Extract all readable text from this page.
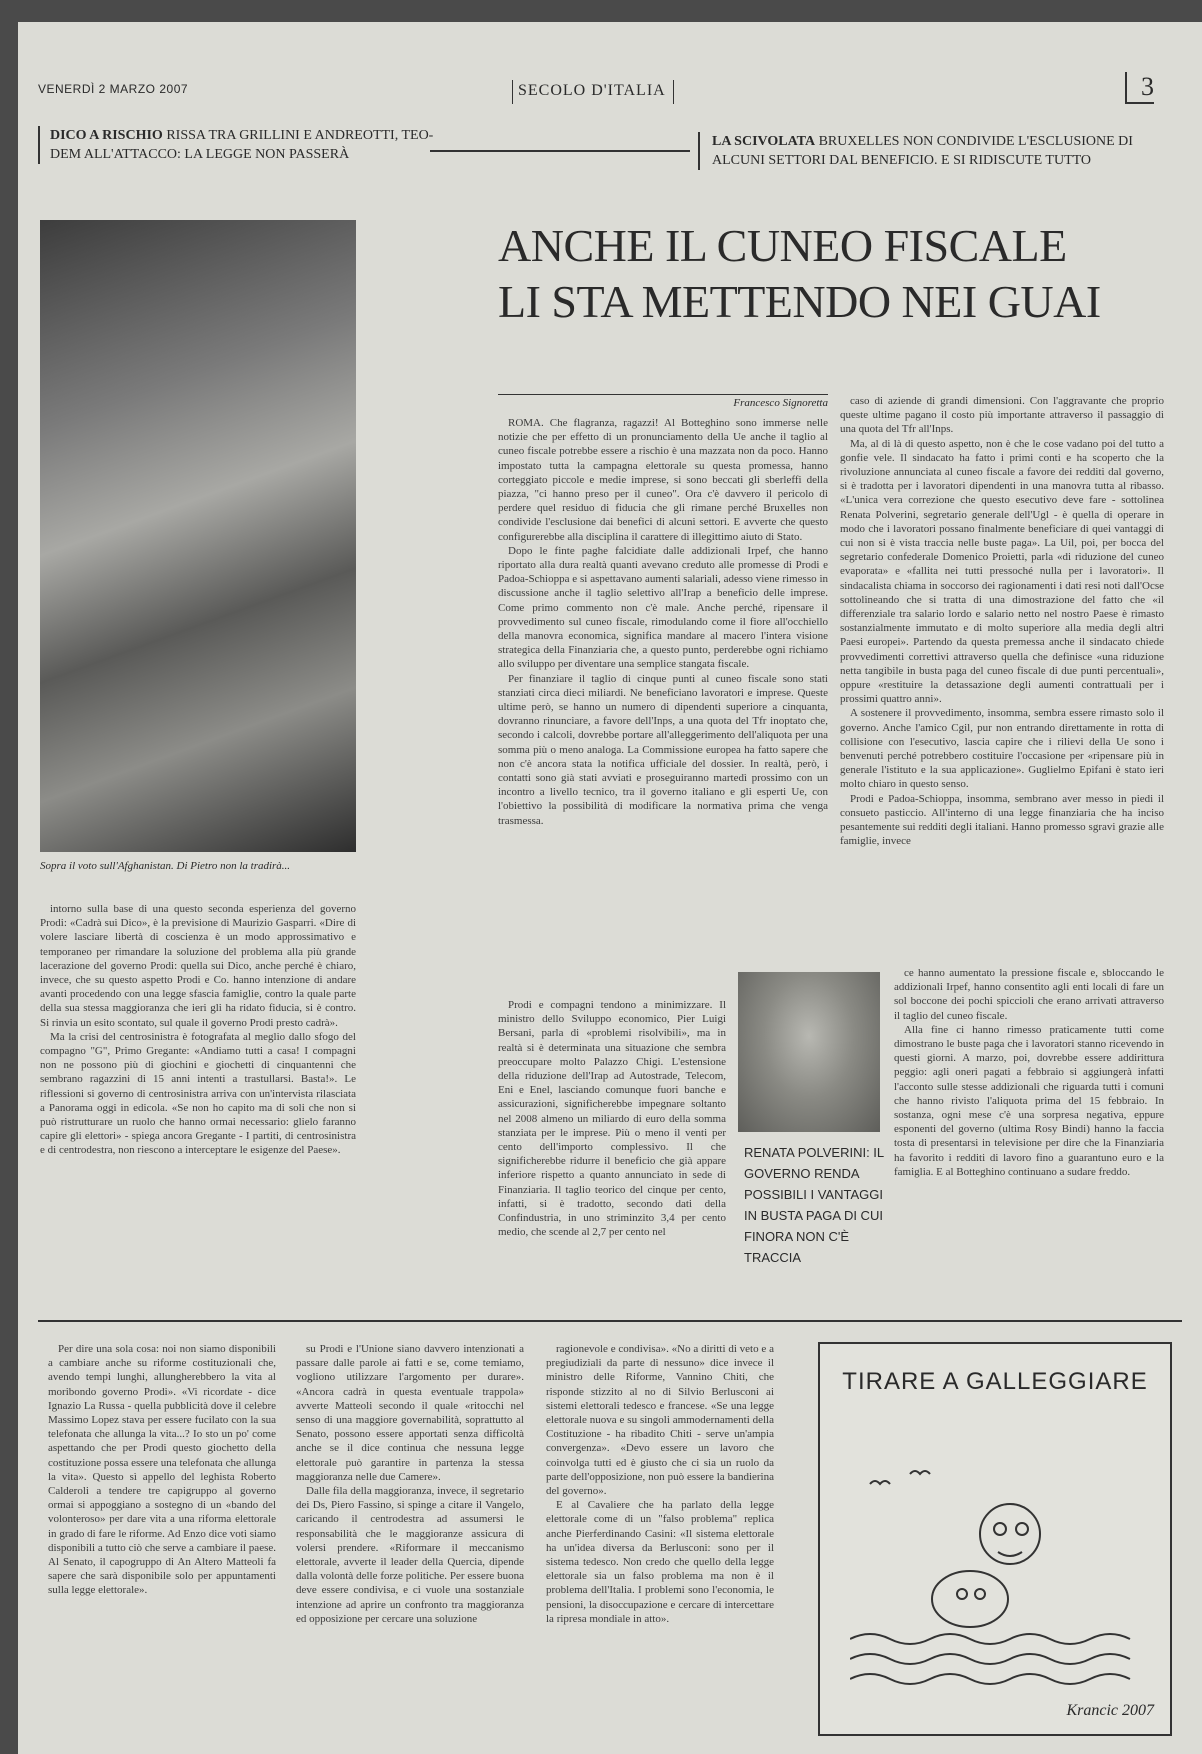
VENERDÌ 2 MARZO 2007	SECOLO D'ITALIA	3
DICO A RISCHIO RISSA TRA GRILLINI E ANDREOTTI, TEO-DEM ALL'ATTACCO: LA LEGGE NON PASSERÀ
LA SCIVOLATA BRUXELLES NON CONDIVIDE L'ESCLUSIONE DI ALCUNI SETTORI DAL BENEFICIO. E SI RIDISCUTE TUTTO
ANCHE IL CUNEO FISCALE
LI STA METTENDO NEI GUAI
Sopra il voto sull'Afghanistan. Di Pietro non la tradirà...
Francesco Signoretta

ROMA. Che flagranza, ragazzi! Al Botteghino sono immerse nelle notizie che per effetto di un pronunciamento della Ue anche il taglio al cuneo fiscale potrebbe essere a rischio è una mazzata non da poco. Hanno impostato tutta la campagna elettorale su questa promessa, hanno corteggiato piccole e medie imprese, si sono beccati gli sberleffi della piazza, "ci hanno preso per il cuneo". Ora c'è davvero il pericolo di perdere quel residuo di fiducia che gli rimane perché Bruxelles non condivide l'esclusione dai benefici di alcuni settori. E avverte che questo configurerebbe alla disciplina il carattere di illegittimo aiuto di Stato.

Dopo le finte paghe falcidiate dalle addizionali Irpef, che hanno riportato alla dura realtà quanti avevano creduto alle promesse di Prodi e Padoa-Schioppa e si aspettavano aumenti salariali, adesso viene rimesso in discussione anche il taglio selettivo all'Irap a beneficio delle imprese. Come primo commento non c'è male. Anche perché, ripensare il provvedimento sul cuneo fiscale, rimodulando come il fiore all'occhiello della manovra economica, significa mandare al macero l'intera visione strategica della Finanziaria che, a questo punto, perderebbe ogni richiamo allo sviluppo per diventare una semplice stangata fiscale.

Per finanziare il taglio di cinque punti al cuneo fiscale sono stati stanziati circa dieci miliardi. Ne beneficiano lavoratori e imprese. Queste ultime però, se hanno un numero di dipendenti superiore a cinquanta, dovranno rinunciare, a favore dell'Inps, a una quota del Tfr inoptato che, secondo i calcoli, dovrebbe portare all'alleggerimento dell'aliquota per una somma più o meno analoga. La Commissione europea ha fatto sapere che non c'è ancora stata la notifica ufficiale del dossier. In realtà, però, i contatti sono già stati avviati e proseguiranno martedì prossimo con un incontro a livello tecnico, tra il governo italiano e gli esperti Ue, con l'obiettivo la possibilità di modificare la normativa prima che venga trasmessa.

Prodi e compagni tendono a minimizzare. Il ministro dello Sviluppo economico, Pier Luigi Bersani, parla di «problemi risolvibili», ma in realtà si è determinata una situazione che sembra preoccupare molto Palazzo Chigi. L'estensione della riduzione dell'Irap ad Autostrade, Telecom, Eni e Enel, lasciando comunque fuori banche e assicurazioni, significherebbe impegnare soltanto nel 2008 almeno un miliardo di euro della somma stanziata per le imprese. Più o meno il venti per cento dell'importo complessivo. Il che significherebbe ridurre il beneficio che già appare inferiore rispetto a quanto annunciato in sede di Finanziaria. Il taglio teorico del cinque per cento, infatti, si è tradotto, secondo dati della Confindustria, in uno striminzito 3,4 per cento medio, che scende al 2,7 per cento nel

caso di aziende di grandi dimensioni. Con l'aggravante che proprio queste ultime pagano il costo più importante attraverso il passaggio di una quota del Tfr all'Inps.

Ma, al di là di questo aspetto, non è che le cose vadano poi del tutto a gonfie vele. Il sindacato ha fatto i primi conti e ha scoperto che la rivoluzione annunciata al cuneo fiscale a favore dei redditi dal governo, si è tradotta per i lavoratori dipendenti in una manovra tutta al ribasso. «L'unica vera correzione che questo esecutivo deve fare - sottolinea Renata Polverini, segretario generale dell'Ugl - è quella di operare in modo che i lavoratori possano finalmente beneficiare di quei vantaggi di cui non si è vista traccia nelle buste paga». La Uil, poi, per bocca del segretario confederale Domenico Proietti, parla «di riduzione del cuneo evaporata» e «fallita nei tutti pressoché nulla per i lavoratori». Il sindacalista chiama in soccorso dei ragionamenti i dati resi noti dall'Ocse sottolineando che si tratta di una dimostrazione del fatto che «il differenziale tra salario lordo e salario netto nel nostro Paese è rimasto sostanzialmente immutato e di molto superiore alla media degli altri Paesi europei». Partendo da questa premessa anche il sindacato chiede provvedimenti correttivi attraverso quella che definisce «una riduzione netta tangibile in busta paga del cuneo fiscale di due punti percentuali», oppure «restituire la detassazione degli aumenti contrattuali per i prossimi quattro anni».

A sostenere il provvedimento, insomma, sembra essere rimasto solo il governo. Anche l'amico Cgil, pur non entrando direttamente in rotta di collisione con l'esecutivo, lascia capire che i rilievi della Ue sono i benvenuti perché potrebbero costituire l'occasione per «ripensare più in generale l'istituto e la sua applicazione». Guglielmo Epifani è stato ieri molto chiaro in questo senso.

Prodi e Padoa-Schioppa, insomma, sembrano aver messo in piedi il consueto pasticcio. All'interno di una legge finanziaria che ha inciso pesantemente sui redditi degli italiani. Hanno promesso sgravi grazie alle famiglie, invece

RENATA POLVERINI: IL GOVERNO RENDA POSSIBILI I VANTAGGI IN BUSTA PAGA DI CUI FINORA NON C'È TRACCIA

ce hanno aumentato la pressione fiscale e, sbloccando le addizionali Irpef, hanno consentito agli enti locali di fare un sol boccone dei pochi spiccioli che erano arrivati attraverso il taglio del cuneo fiscale.

Alla fine ci hanno rimesso praticamente tutti come dimostrano le buste paga che i lavoratori stanno ricevendo in questi giorni. A marzo, poi, dovrebbe essere addirittura peggio: agli oneri pagati a febbraio si aggiungerà infatti l'acconto sulle stesse addizionali che riguarda tutti i comuni che hanno rivisto l'aliquota prima del 15 febbraio. In sostanza, ogni mese c'è una sorpresa negativa, eppure esponenti del governo (ultima Rosy Bindi) hanno la faccia tosta di presentarsi in televisione per dire che la Finanziaria ha favorito i redditi di lavoro fino a guarantuno euro e la famiglia. E al Botteghino continuano a sudare freddo.

intorno sulla base di una questo seconda esperienza del governo Prodi: «Cadrà sui Dico», è la previsione di Maurizio Gasparri. «Dire di volere lasciare libertà di coscienza è un modo approssimativo e temporaneo per rimandare la soluzione del problema alla più grande lacerazione del governo Prodi: quella sui Dico, anche perché è chiaro, invece, che su questo aspetto Prodi e Co. hanno intenzione di andare avanti procedendo con una legge sfascia famiglie, contro la quale parte della sua stessa maggioranza che ieri gli ha ridato fiducia, si è contro. Si rinvia un esito scontato, sul quale il governo Prodi presto cadrà».

Ma la crisi del centrosinistra è fotografata al meglio dallo sfogo del compagno "G", Primo Gregante: «Andiamo tutti a casa! I compagni non ne possono più di giochini e giochetti di cinquantenni che sembrano ragazzini di 15 anni intenti a trastullarsi. Basta!». Le riflessioni si governo di centrosinistra arriva con un'intervista rilasciata a Panorama oggi in edicola. «Se non ho capito ma di soli che non si può ristrutturare un ruolo che hanno ormai necessario: glielo faranno capire gli elettori» - spiega ancora Gregante - I partiti, di centrosinistra e di centrodestra, non riescono a interceptare le esigenze del Paese».

Per dire una sola cosa: noi non siamo disponibili a cambiare anche su riforme costituzionali che, avendo tempi lunghi, allungherebbero la vita al moribondo governo Prodi». «Vi ricordate - dice Ignazio La Russa - quella pubblicità dove il celebre Massimo Lopez stava per essere fucilato con la sua telefonata che allunga la vita...? Io sto un po' come aspettando che per Prodi questo giochetto della costituzione possa essere una telefonata che allunga la vita». Questo sì appello del leghista Roberto Calderoli a tendere tre capigruppo al governo ormai si appoggiano a sostegno di un «bando del volonteroso» per dare vita a una riforma elettorale in grado di fare le riforme. Ad Enzo dice voti siamo disponibili a tutto ciò che serve a cambiare il paese. Al Senato, il capogruppo di An Altero Matteoli fa sapere che sarà disponibile solo per appuntamenti sulla legge elettorale».

su Prodi e l'Unione siano davvero intenzionati a passare dalle parole ai fatti e se, come temiamo, vogliono utilizzare l'argomento per durare». «Ancora cadrà in questa eventuale trappola» avverte Matteoli secondo il quale «ritocchi nel senso di una maggiore governabilità, soprattutto al Senato, possono essere apportati senza difficoltà anche se il dice continua che nessuna legge elettorale può garantire in partenza la stessa maggioranza nelle due Camere».

Dalle fila della maggioranza, invece, il segretario dei Ds, Piero Fassino, si spinge a citare il Vangelo, caricando il centrodestra ad assumersi le responsabilità che le maggioranze assicura di volersi prendere. «Riformare il meccanismo elettorale, avverte il leader della Quercia, dipende dalla volontà delle forze politiche. Per essere buona deve essere condivisa, e ci vuole una sostanziale intenzione ad aprire un confronto tra maggioranza ed opposizione per cercare una soluzione

ragionevole e condivisa». «No a diritti di veto e a pregiudiziali da parte di nessuno» dice invece il ministro delle Riforme, Vannino Chiti, che risponde stizzito al no di Silvio Berlusconi ai sistemi elettorali tedesco e francese. «Se una legge elettorale nuova e su singoli ammodernamenti della Costituzione - ha ribadito Chiti - serve un'ampia convergenza». «Devo essere un lavoro che coinvolga tutti ed è giusto che ci sia un ruolo da parte dell'opposizione, non può essere la bandierina del governo».

E al Cavaliere che ha parlato della legge elettorale come di un "falso problema" replica anche Pierferdinando Casini: «Il sistema elettorale ha un'idea diversa da Berlusconi: sono per il sistema tedesco. Non credo che quello della legge elettorale sia un falso problema ma non è il problema dell'Italia. I problemi sono l'economia, le pensioni, la disoccupazione e cercare di intercettare la ripresa mondiale in atto».

TIRARE A GALLEGGIARE
Krancic 2007
